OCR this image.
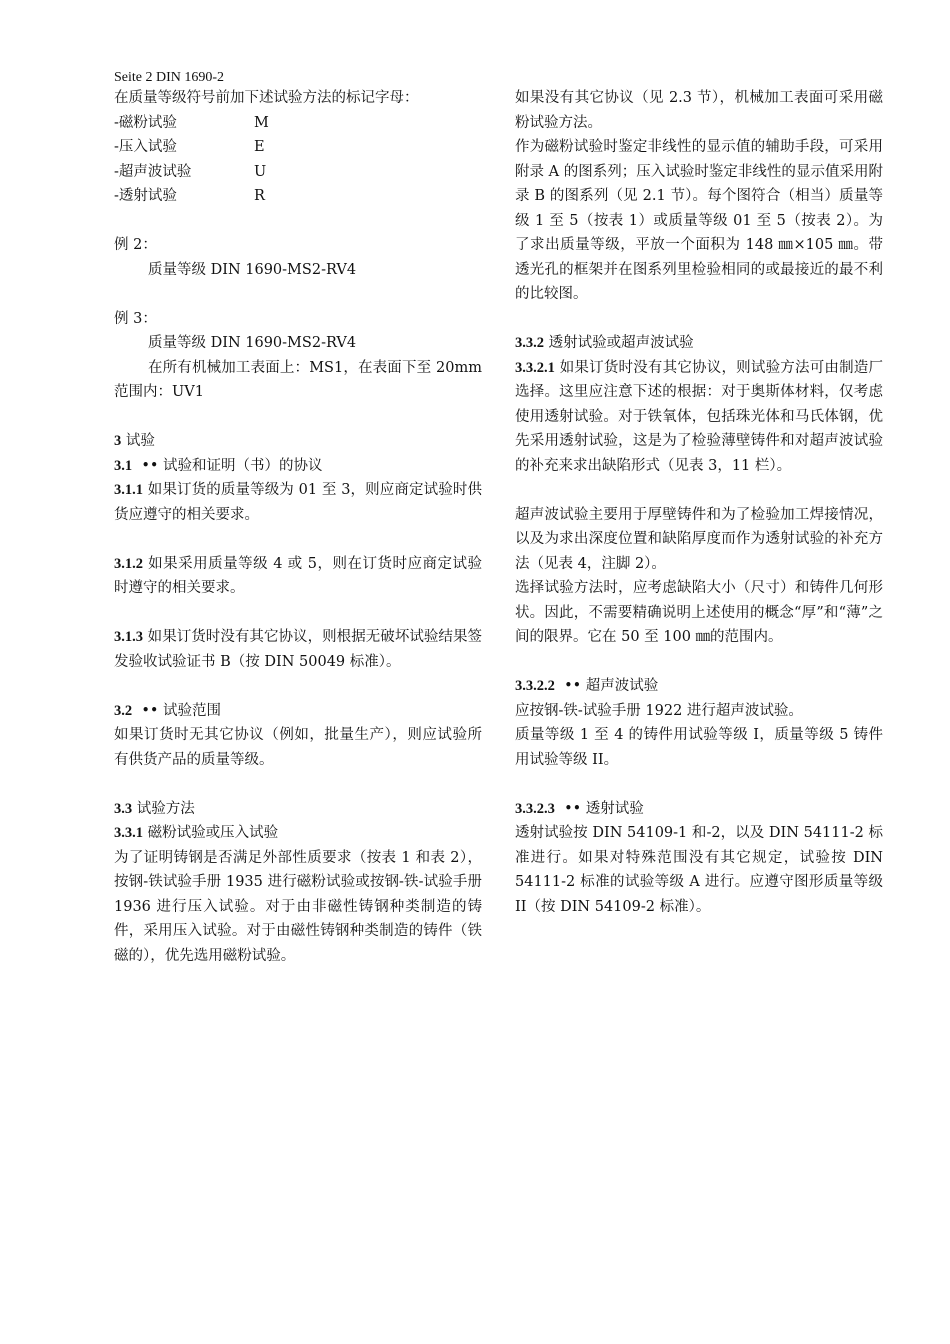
Seite 2 DIN 1690-2

在质量等级符号前加下述试验方法的标记字母：

-磁粉试验	M
-压入试验	E
-超声波试验	U
-透射试验	R

例 2：

质量等级 DIN 1690-MS2-RV4

例 3：

质量等级 DIN 1690-MS2-RV4

在所有机械加工表面上：MS1，在表面下至 20mm 范围内：UV1

3 试验

3.1 •• 试验和证明（书）的协议

3.1.1 如果订货的质量等级为 01 至 3，则应商定试验时供货应遵守的相关要求。

3.1.2 如果采用质量等级 4 或 5，则在订货时应商定试验时遵守的相关要求。

3.1.3 如果订货时没有其它协议，则根据无破坏试验结果签发验收试验证书 B（按 DIN 50049 标准）。

3.2 •• 试验范围

如果订货时无其它协议（例如，批量生产），则应试验所有供货产品的质量等级。

3.3 试验方法

3.3.1 磁粉试验或压入试验

为了证明铸钢是否满足外部性质要求（按表 1 和表 2），按钢-铁试验手册 1935 进行磁粉试验或按钢-铁-试验手册 1936 进行压入试验。对于由非磁性铸钢种类制造的铸件，采用压入试验。对于由磁性铸钢种类制造的铸件（铁磁的），优先选用磁粉试验。

如果没有其它协议（见 2.3 节），机械加工表面可采用磁粉试验方法。

作为磁粉试验时鉴定非线性的显示值的辅助手段，可采用附录 A 的图系列；压入试验时鉴定非线性的显示值采用附录 B 的图系列（见 2.1 节）。每个图符合（相当）质量等级 1 至 5（按表 1）或质量等级 01 至 5（按表 2）。为了求出质量等级，平放一个面积为 148 ㎜×105 ㎜。带透光孔的框架并在图系列里检验相同的或最接近的最不利的比较图。

3.3.2 透射试验或超声波试验

3.3.2.1 如果订货时没有其它协议，则试验方法可由制造厂选择。这里应注意下述的根据：对于奥斯体材料，仅考虑使用透射试验。对于铁氧体，包括珠光体和马氏体钢，优先采用透射试验，这是为了检验薄壁铸件和对超声波试验的补充来求出缺陷形式（见表 3，11 栏）。

超声波试验主要用于厚壁铸件和为了检验加工焊接情况，以及为求出深度位置和缺陷厚度而作为透射试验的补充方法（见表 4，注脚 2）。

选择试验方法时，应考虑缺陷大小（尺寸）和铸件几何形状。因此，不需要精确说明上述使用的概念“厚”和“薄”之间的限界。它在 50 至 100 ㎜的范围内。

3.3.2.2 •• 超声波试验

应按钢-铁-试验手册 1922 进行超声波试验。

质量等级 1 至 4 的铸件用试验等级 I，质量等级 5 铸件用试验等级 II。

3.3.2.3 •• 透射试验

透射试验按 DIN 54109-1 和-2，以及 DIN 54111-2 标准进行。如果对特殊范围没有其它规定，试验按 DIN 54111-2 标准的试验等级 A 进行。应遵守图形质量等级 II（按 DIN 54109-2 标准）。
